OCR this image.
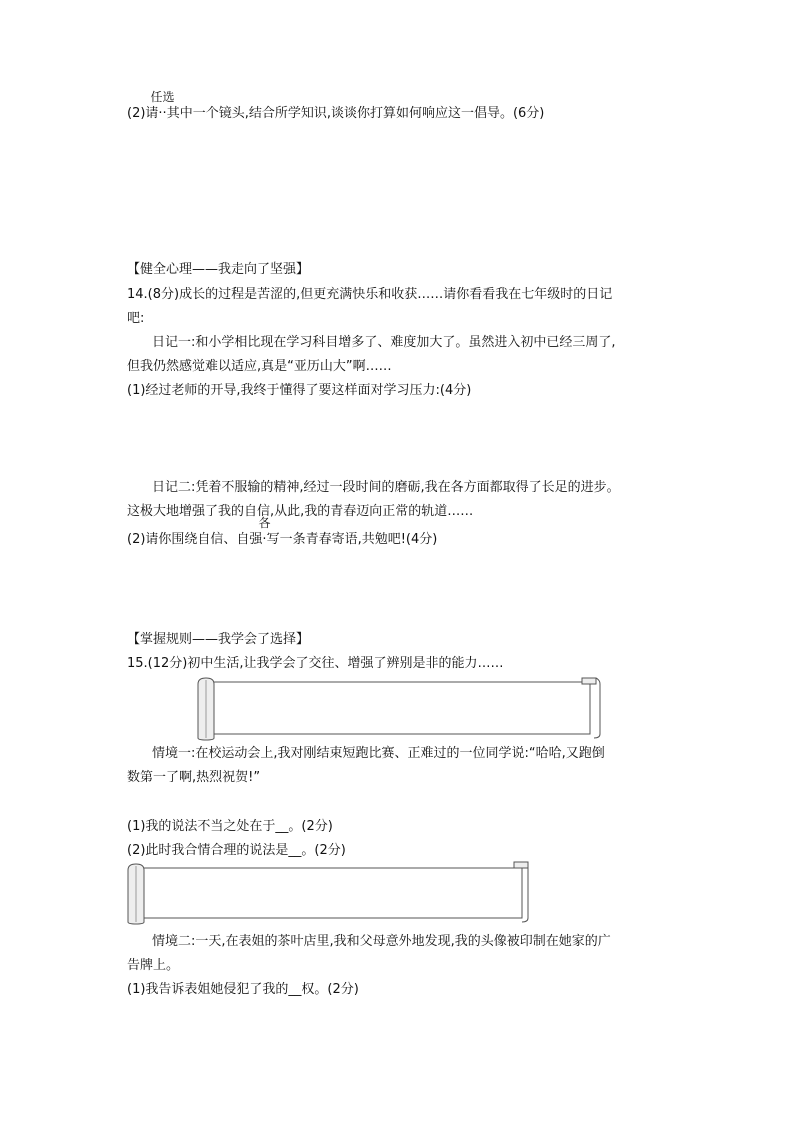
(2)请
任选
··其中一个镜头,结合所学知识,谈谈你打算如何响应这一倡导。(6分)
【健全心理——我走向了坚强】
14.(8分)成长的过程是苦涩的,但更充满快乐和收获……请你看看我在七年级时的日记
吧:
日记一:和小学相比现在学习科目增多了、难度加大了。虽然进入初中已经三周了,
但我仍然感觉难以适应,真是“亚历山大”啊……
(1)经过老师的开导,我终于懂得了要这样面对学习压力:(4分)
日记二:凭着不服输的精神,经过一段时间的磨砺,我在各方面都取得了长足的进步。
这极大地增强了我的自信,从此,我的青春迈向正常的轨道……
(2)请你围绕自信、自强
各
·写一条青春寄语,共勉吧!(4分)
【掌握规则——我学会了选择】
15.(12分)初中生活,让我学会了交往、增强了辨别是非的能力……
情境一:在校运动会上,我对刚结束短跑比赛、正难过的一位同学说:“哈哈,又跑倒
数第一了啊,热烈祝贺!”
(1)我的说法不当之处在于__。(2分)
(2)此时我合情合理的说法是__。(2分)
情境二:一天,在表姐的茶叶店里,我和父母意外地发现,我的头像被印制在她家的广
告牌上。
(1)我告诉表姐她侵犯了我的__权。(2分)
